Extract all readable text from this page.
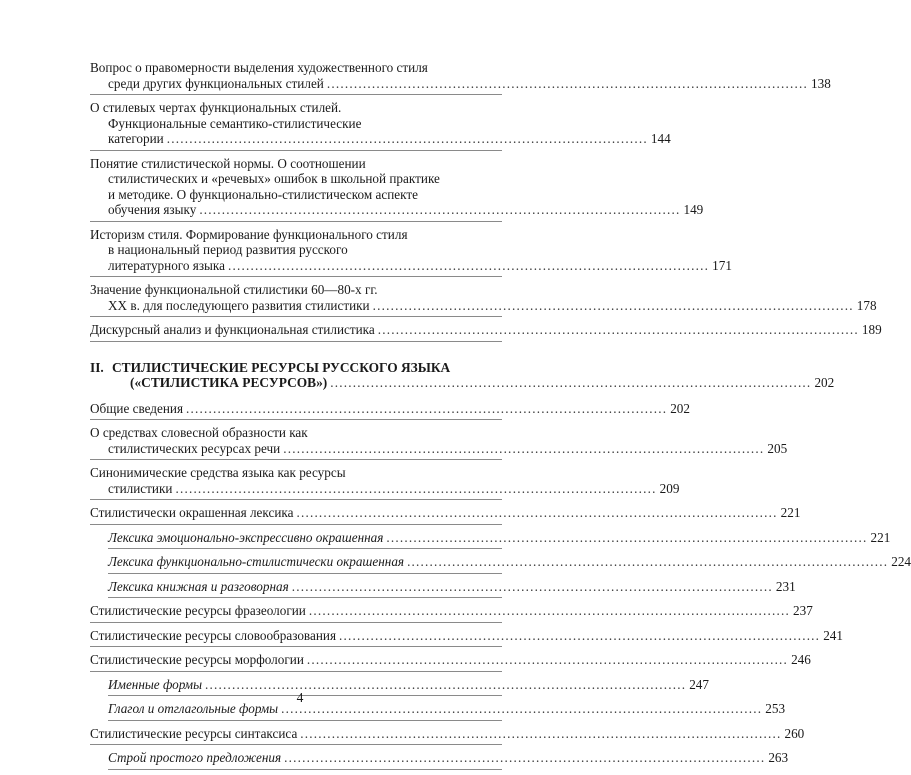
Вопрос о правомерности выделения художественного стиля
среди других функциональных стилей ........................................................................................................... 138
О стилевых чертах функциональных стилей.
Функциональные семантико-стилистические
категории ........................................................................................................... 144
Понятие стилистической нормы. О соотношении
стилистических и «речевых» ошибок в школьной практике
и методике. О функционально-стилистическом аспекте
обучения языку ........................................................................................................... 149
Историзм стиля. Формирование функционального стиля
в национальный период развития русского
литературного языка ........................................................................................................... 171
Значение функциональной стилистики 60—80-х гг.
XX в. для последующего развития стилистики ........................................................................................................... 178
Дискурсный анализ и функциональная стилистика ........................................................................................................... 189
II. СТИЛИСТИЧЕСКИЕ РЕСУРСЫ РУССКОГО ЯЗЫКА
(«СТИЛИСТИКА РЕСУРСОВ») ........................................................................................................... 202
Общие сведения ........................................................................................................... 202
О средствах словесной образности как
стилистических ресурсах речи ........................................................................................................... 205
Синонимические средства языка как ресурсы
стилистики ........................................................................................................... 209
Стилистически окрашенная лексика ........................................................................................................... 221
Лексика эмоционально-экспрессивно окрашенная ........................................................................................................... 221
Лексика функционально-стилистически окрашенная ........................................................................................................... 224
Лексика книжная и разговорная ........................................................................................................... 231
Стилистические ресурсы фразеологии ........................................................................................................... 237
Стилистические ресурсы словообразования ........................................................................................................... 241
Стилистические ресурсы морфологии ........................................................................................................... 246
Именные формы ........................................................................................................... 247
Глагол и отглагольные формы ........................................................................................................... 253
Стилистические ресурсы синтаксиса ........................................................................................................... 260
Строй простого предложения ........................................................................................................... 263
4
